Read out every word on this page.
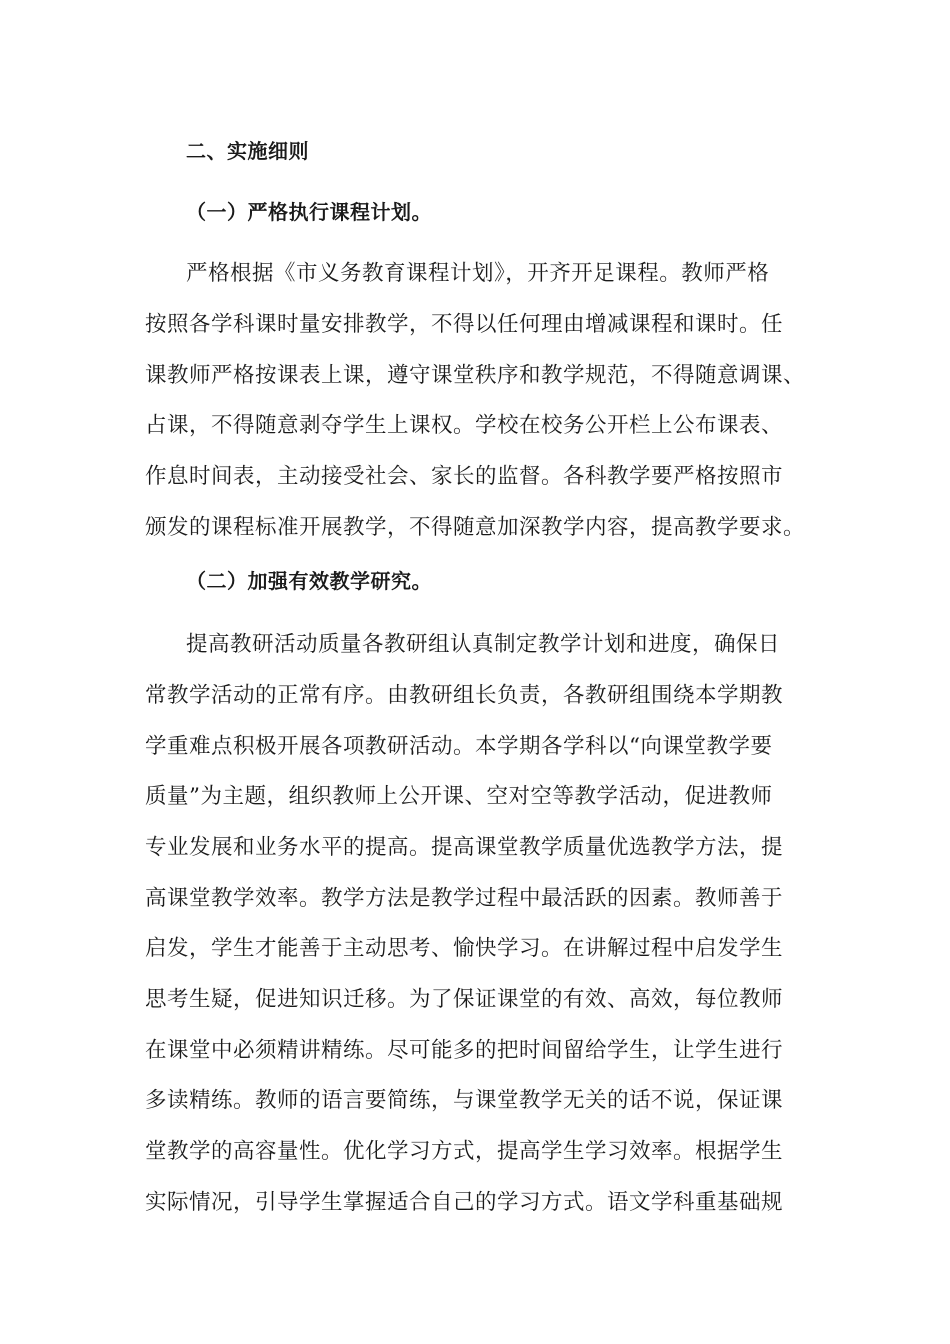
二、实施细则
（一）严格执行课程计划。
严格根据《市义务教育课程计划》，开齐开足课程。教师严格
按照各学科课时量安排教学，不得以任何理由增减课程和课时。任
课教师严格按课表上课，遵守课堂秩序和教学规范，不得随意调课、
占课，不得随意剥夺学生上课权。学校在校务公开栏上公布课表、
作息时间表，主动接受社会、家长的监督。各科教学要严格按照市
颁发的课程标准开展教学，不得随意加深教学内容，提高教学要求。
（二）加强有效教学研究。
提高教研活动质量各教研组认真制定教学计划和进度，确保日
常教学活动的正常有序。由教研组长负责，各教研组围绕本学期教
学重难点积极开展各项教研活动。本学期各学科以“向课堂教学要
质量”为主题，组织教师上公开课、空对空等教学活动，促进教师
专业发展和业务水平的提高。提高课堂教学质量优选教学方法，提
高课堂教学效率。教学方法是教学过程中最活跃的因素。教师善于
启发，学生才能善于主动思考、愉快学习。在讲解过程中启发学生
思考生疑，促进知识迁移。为了保证课堂的有效、高效，每位教师
在课堂中必须精讲精练。尽可能多的把时间留给学生，让学生进行
多读精练。教师的语言要简练，与课堂教学无关的话不说，保证课
堂教学的高容量性。优化学习方式，提高学生学习效率。根据学生
实际情况，引导学生掌握适合自己的学习方式。语文学科重基础规
